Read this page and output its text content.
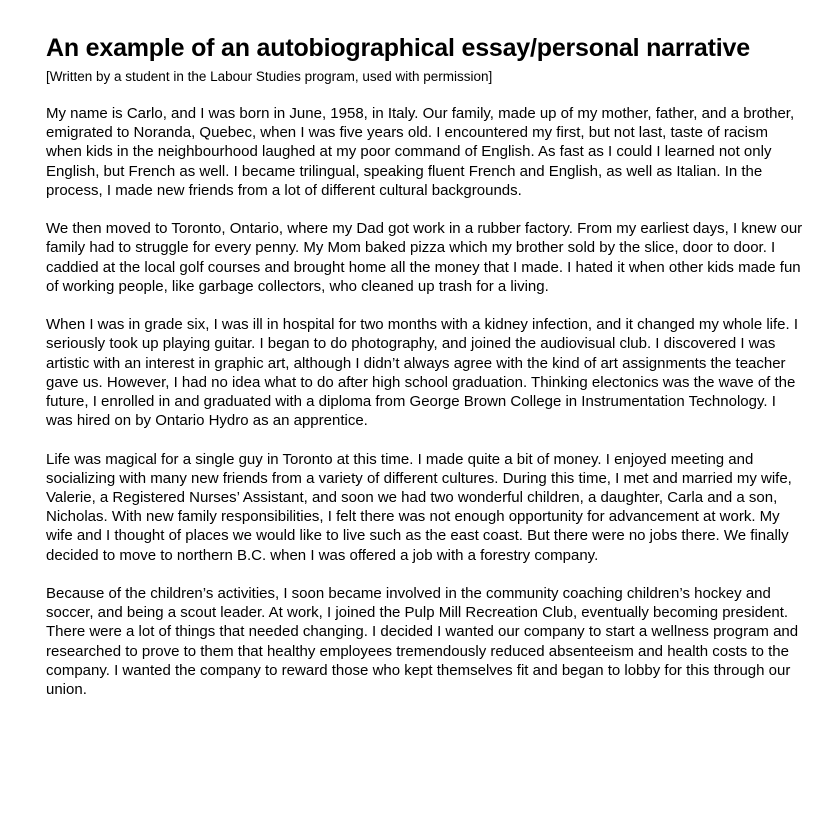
An example of an autobiographical essay/personal narrative

[Written by a student in the Labour Studies program, used with permission]

My name is Carlo, and I was born in June, 1958, in Italy. Our family, made up of my mother, father, and a brother, emigrated to Noranda, Quebec, when I was five years old. I encountered my first, but not last, taste of racism when kids in the neighbourhood laughed at my poor command of English. As fast as I could I learned not only English, but French as well. I became trilingual, speaking fluent French and English, as well as Italian. In the process, I made new friends from a lot of different cultural backgrounds.

We then moved to Toronto, Ontario, where my Dad got work in a rubber factory. From my earliest days, I knew our family had to struggle for every penny. My Mom baked pizza which my brother sold by the slice, door to door. I caddied at the local golf courses and brought home all the money that I made. I hated it when other kids made fun of working people, like garbage collectors, who cleaned up trash for a living.

When I was in grade six, I was ill in hospital for two months with a kidney infection, and it changed my whole life. I seriously took up playing guitar. I began to do photography, and joined the audiovisual club. I discovered I was artistic with an interest in graphic art, although I didn’t always agree with the kind of art assignments the teacher gave us. However, I had no idea what to do after high school graduation. Thinking electonics was the wave of the future, I enrolled in and graduated with a diploma from George Brown College in Instrumentation Technology. I was hired on by Ontario Hydro as an apprentice.

Life was magical for a single guy in Toronto at this time. I made quite a bit of money. I enjoyed meeting and socializing with many new friends from a variety of different cultures. During this time, I met and married my wife, Valerie, a Registered Nurses’ Assistant, and soon we had two wonderful children, a daughter, Carla and a son, Nicholas. With new family responsibilities, I felt there was not enough opportunity for advancement at work. My wife and I thought of places we would like to live such as the east coast. But there were no jobs there. We finally decided to move to northern B.C. when I was offered a job with a forestry company.

Because of the children’s activities, I soon became involved in the community coaching children’s hockey and soccer, and being a scout leader. At work, I joined the Pulp Mill Recreation Club, eventually becoming president. There were a lot of things that needed changing. I decided I wanted our company to start a wellness program and researched to prove to them that healthy employees tremendously reduced absenteeism and health costs to the company. I wanted the company to reward those who kept themselves fit and began to lobby for this through our union.
